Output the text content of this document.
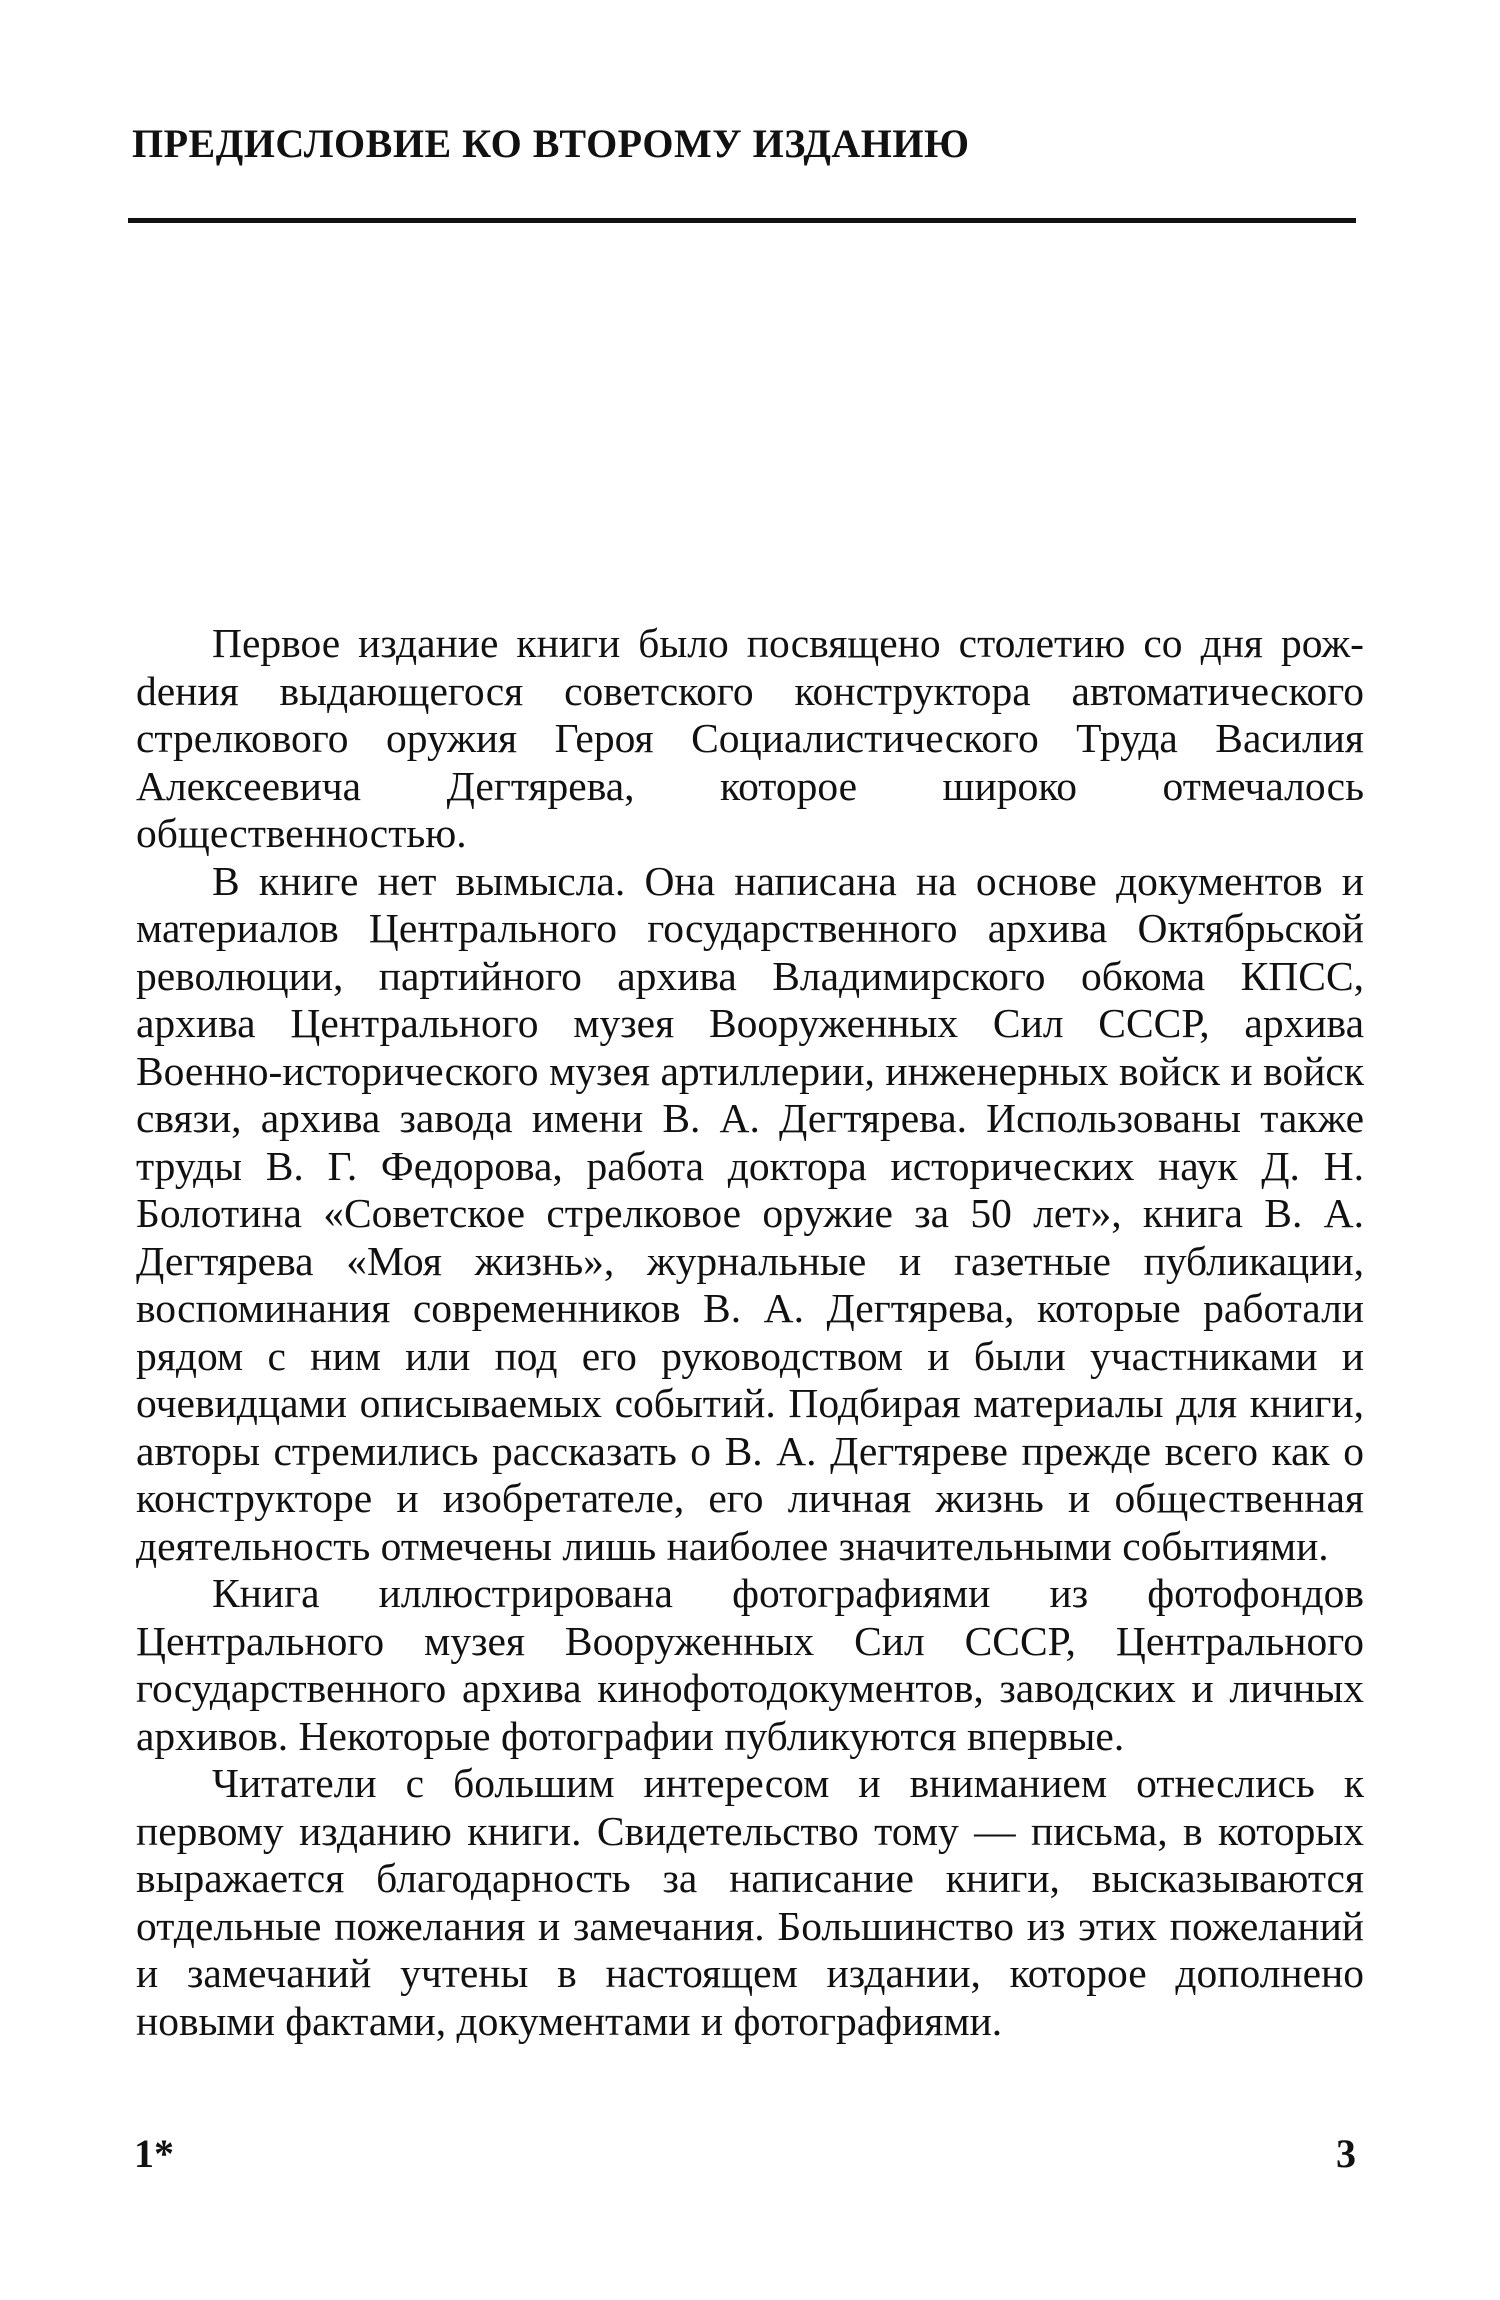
ПРЕДИСЛОВИЕ КО ВТОРОМУ ИЗДАНИЮ

Первое издание книги было посвящено столетию со дня рожdения выдающегося советского конструктора автоматического стрелкового оружия Героя Социалистического Труда Василия Алексеевича Дегтярева, которое широко отмечалось общественностью.

В книге нет вымысла. Она написана на основе документов и материалов Центрального государственного архива Октябрьской революции, партийного архива Владимирского обкома КПСС, архива Центрального музея Вооруженных Сил СССР, архива Военно-исторического музея артиллерии, инженерных войск и войск связи, архива завода имени В. А. Дегтярева. Использованы также труды В. Г. Федорова, работа доктора исторических наук Д. Н. Болотина «Советское стрелковое оружие за 50 лет», книга В. А. Дегтярева «Моя жизнь», журнальные и газетные публикации, воспоминания современников В. А. Дегтярева, которые работали рядом с ним или под его руководством и были участниками и очевидцами описываемых событий. Подбирая материалы для книги, авторы стремились рассказать о В. А. Дегтяреве прежде всего как о конструкторе и изобретателе, его личная жизнь и общественная деятельность отмечены лишь наиболее значительными событиями.

Книга иллюстрирована фотографиями из фотофондов Центрального музея Вооруженных Сил СССР, Центрального государственного архива кинофотодокументов, заводских и личных архивов. Некоторые фотографии публикуются впервые.

Читатели с большим интересом и вниманием отнеслись к первому изданию книги. Свидетельство тому — письма, в которых выражается благодарность за написание книги, высказываются отдельные пожелания и замечания. Большинство из этих пожеланий и замечаний учтены в настоящем издании, которое дополнено новыми фактами, документами и фотографиями.

1*	3
